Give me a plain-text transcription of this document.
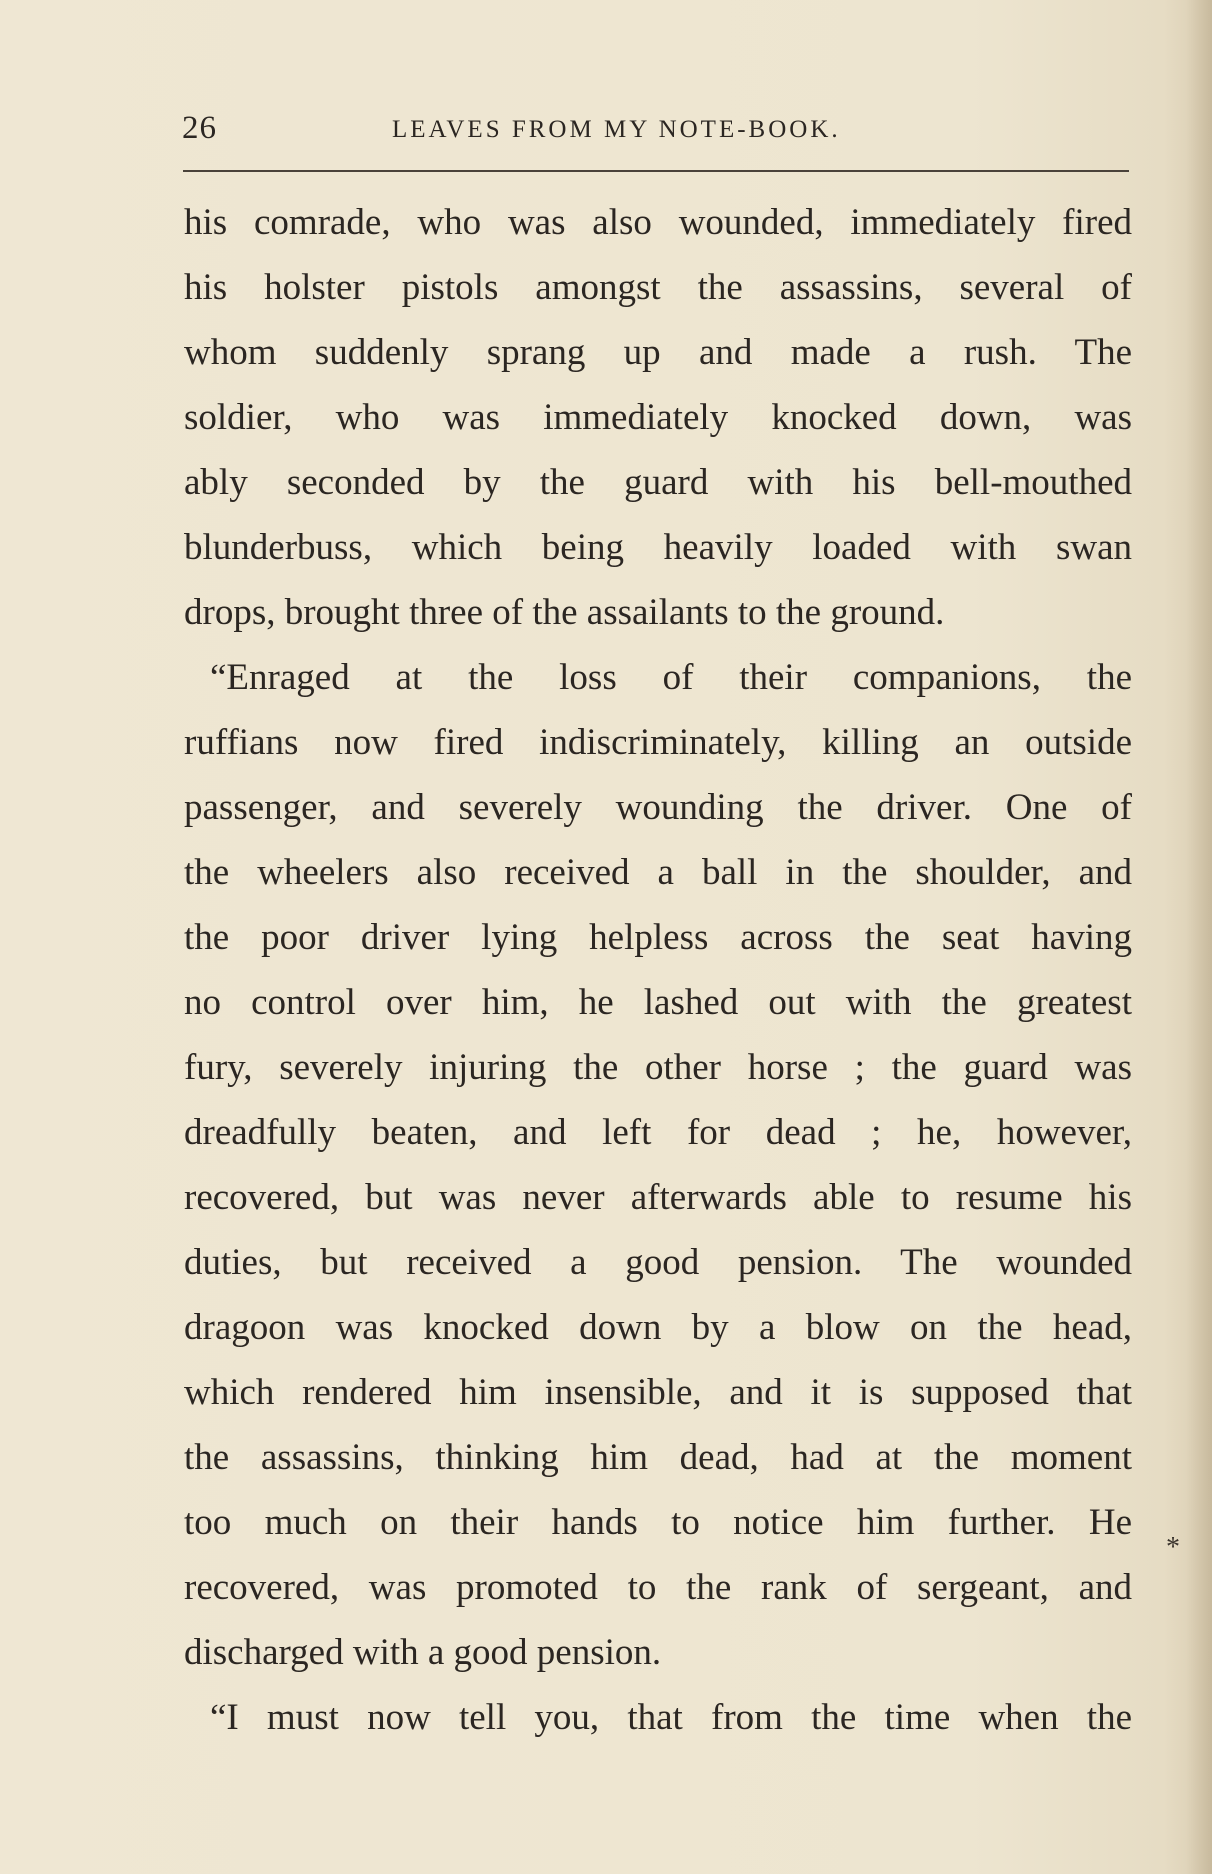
26	LEAVES FROM MY NOTE-BOOK.
his comrade, who was also wounded, immediately fired
his holster pistols amongst the assassins, several of
whom suddenly sprang up and made a rush. The
soldier, who was immediately knocked down, was
ably seconded by the guard with his bell-mouthed
blunderbuss, which being heavily loaded with swan
drops, brought three of the assailants to the ground.
“Enraged at the loss of their companions, the
ruffians now fired indiscriminately, killing an outside
passenger, and severely wounding the driver. One of
the wheelers also received a ball in the shoulder, and
the poor driver lying helpless across the seat having
no control over him, he lashed out with the greatest
fury, severely injuring the other horse ; the guard was
dreadfully beaten, and left for dead ; he, however,
recovered, but was never afterwards able to resume his
duties, but received a good pension. The wounded
dragoon was knocked down by a blow on the head,
which rendered him insensible, and it is supposed that
the assassins, thinking him dead, had at the moment
too much on their hands to notice him further. He
recovered, was promoted to the rank of sergeant, and
discharged with a good pension.
“I must now tell you, that from the time when the
*
